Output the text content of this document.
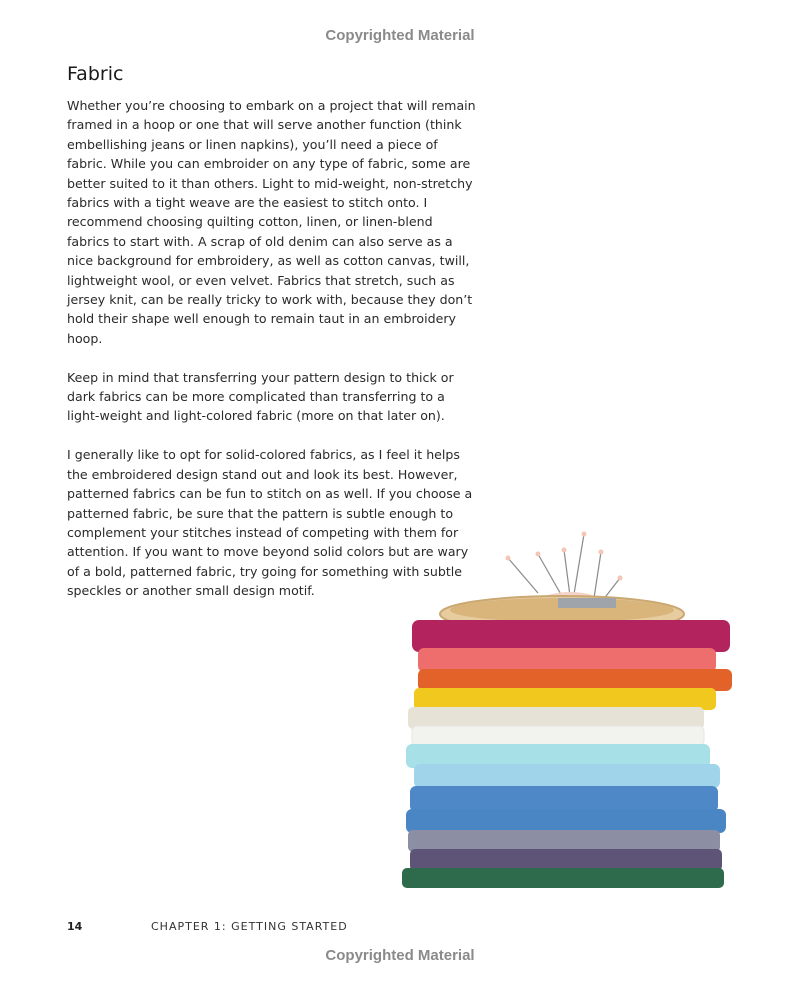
Copyrighted Material
Fabric

Whether you’re choosing to embark on a project that will remain framed in a hoop or one that will serve another function (think embellishing jeans or linen napkins), you’ll need a piece of fabric. While you can embroider on any type of fabric, some are better suited to it than others. Light to mid-weight, non-stretchy fabrics with a tight weave are the easiest to stitch onto. I recommend choosing quilting cotton, linen, or linen-blend fabrics to start with. A scrap of old denim can also serve as a nice background for embroidery, as well as cotton canvas, twill, lightweight wool, or even velvet. Fabrics that stretch, such as jersey knit, can be really tricky to work with, because they don’t hold their shape well enough to remain taut in an embroidery hoop.

Keep in mind that transferring your pattern design to thick or dark fabrics can be more complicated than transferring to a light-weight and light-colored fabric (more on that later on).

I generally like to opt for solid-colored fabrics, as I feel it helps the embroidered design stand out and look its best. However, patterned fabrics can be fun to stitch on as well. If you choose a patterned fabric, be sure that the pattern is subtle enough to complement your stitches instead of competing with them for attention. If you want to move beyond solid colors but are wary of a bold, patterned fabric, try going for something with subtle speckles or another small design motif.

14	CHAPTER 1: GETTING STARTED
Copyrighted Material
